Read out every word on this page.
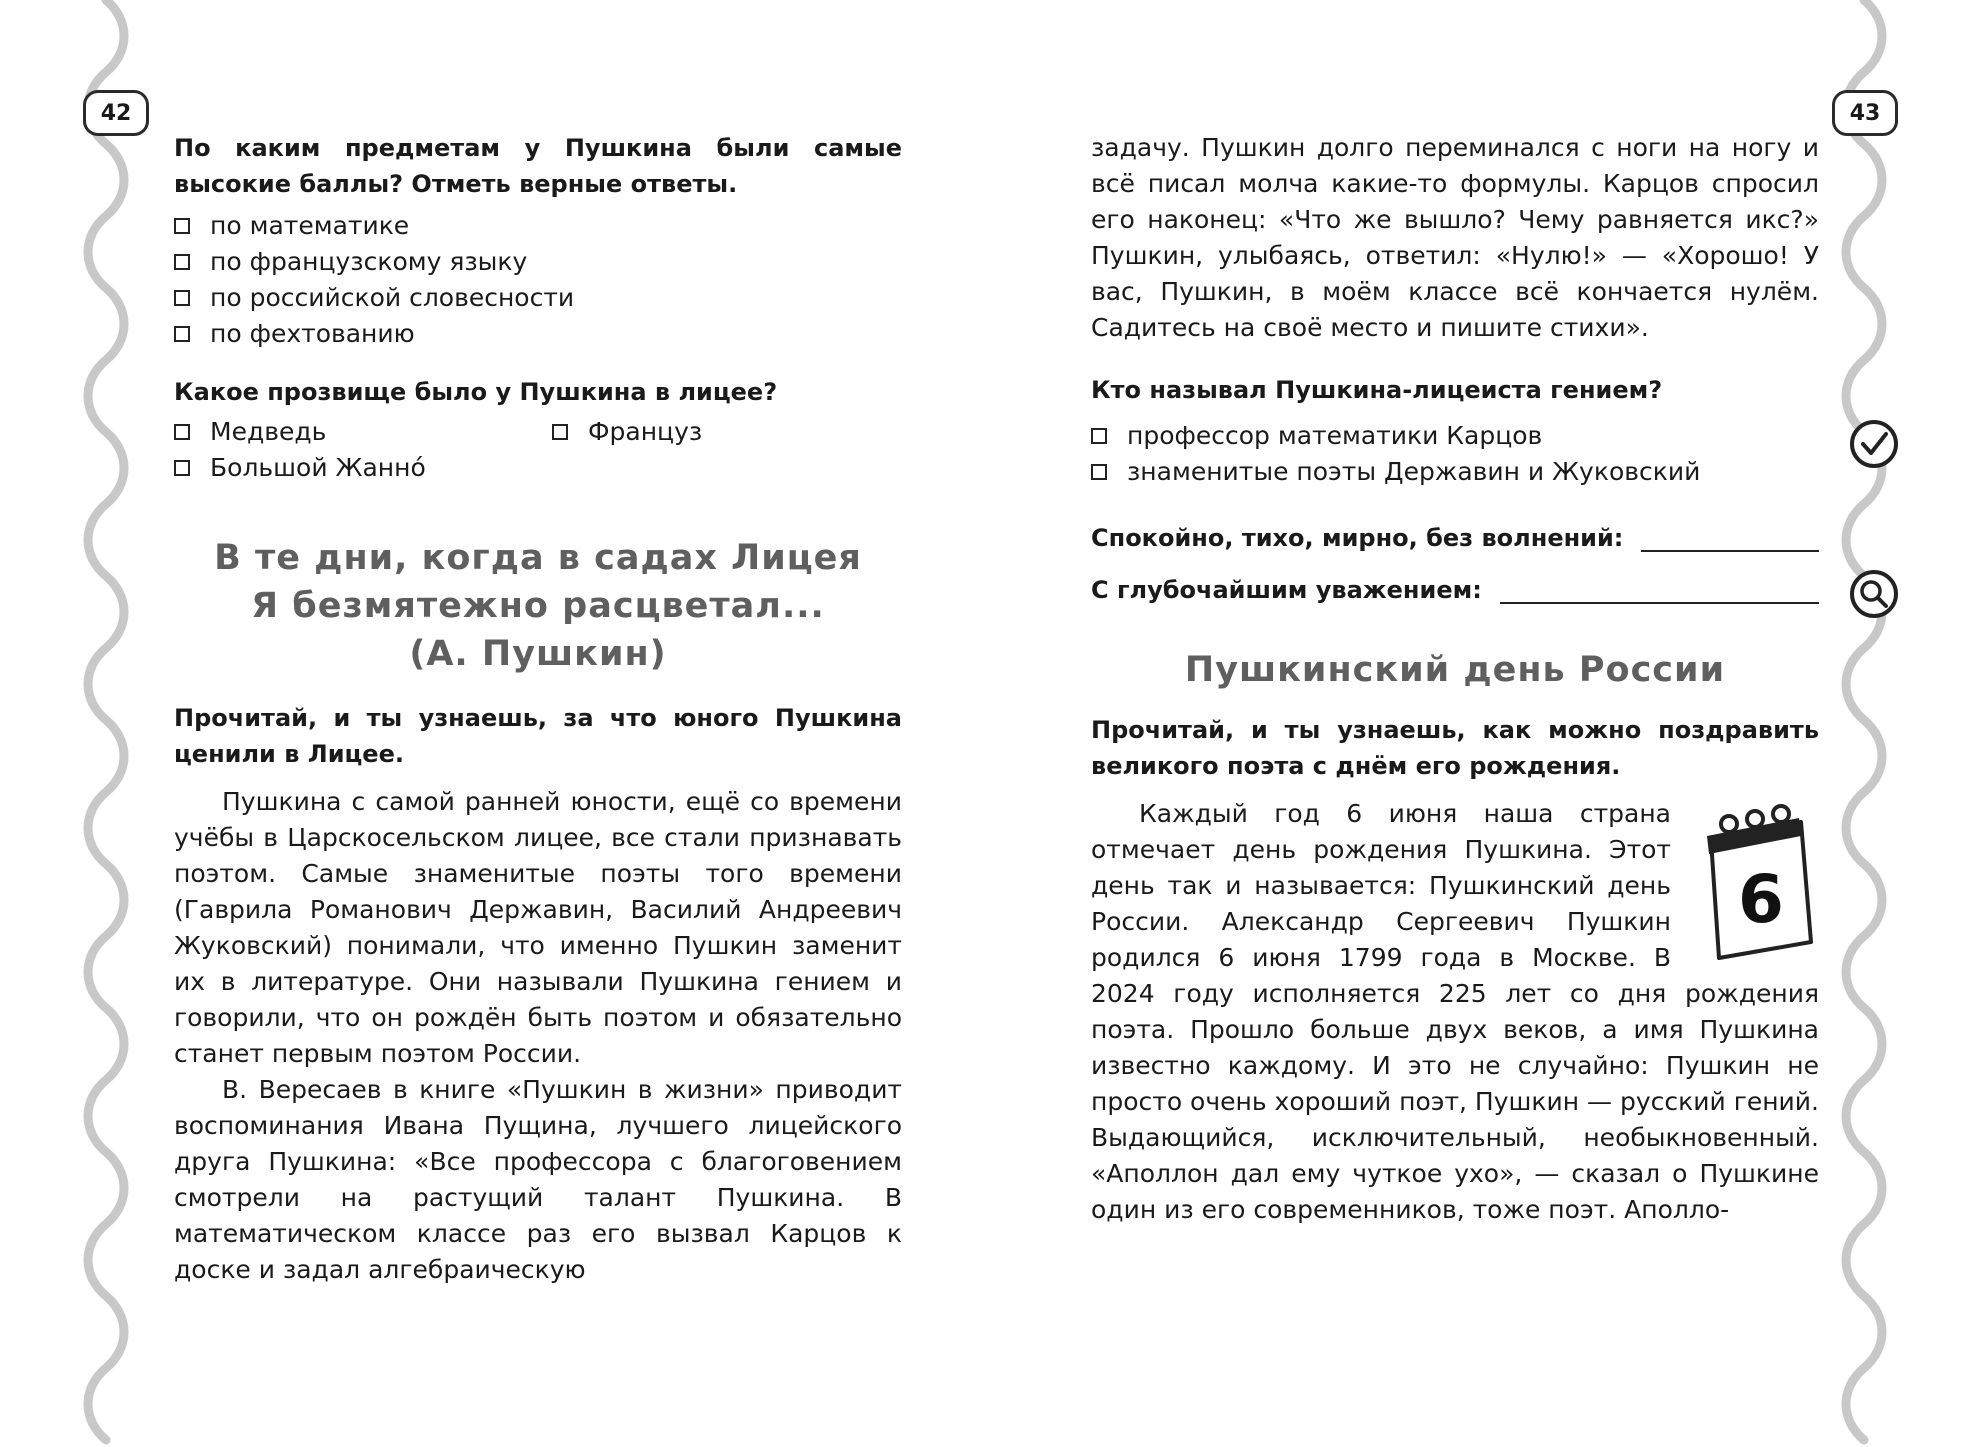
42	43

По каким предметам у Пушкина были самые высокие баллы? Отметь верные ответы.

по математике
по французскому языку
по российской словесности
по фехтованию

Какое прозвище было у Пушкина в лицее?

Медведь	Француз
Большой Жаннó

В те дни, когда в садах Лицея

Я безмятежно расцветал...

(А. Пушкин)

Прочитай, и ты узнаешь, за что юного Пушкина ценили в Лицее.

Пушкина с самой ранней юности, ещё со времени учёбы в Царскосельском лицее, все стали признавать поэтом. Самые знаменитые поэты того времени (Гаврила Романович Державин, Василий Андреевич Жуковский) понимали, что именно Пушкин заменит их в литературе. Они называли Пушкина гением и говорили, что он рождён быть поэтом и обязательно станет первым поэтом России.

В. Вересаев в книге «Пушкин в жизни» приводит воспоминания Ивана Пущина, лучшего лицейского друга Пушкина: «Все профессора с благоговением смотрели на растущий талант Пушкина. В математическом классе раз его вызвал Карцов к доске и задал алгебраическую

задачу. Пушкин долго переминался с ноги на ногу и всё писал молча какие-то формулы. Карцов спросил его наконец: «Что же вышло? Чему равняется икс?» Пушкин, улыбаясь, ответил: «Нулю!» — «Хорошо! У вас, Пушкин, в моём классе всё кончается нулём. Садитесь на своё место и пишите стихи».

Кто называл Пушкина-лицеиста гением?

профессор математики Карцов
знаменитые поэты Державин и Жуковский
Спокойно, тихо, мирно, без волнений:
С глубочайшим уважением:

Пушкинский день России

Прочитай, и ты узнаешь, как можно поздравить великого поэта с днём его рождения.

6

Каждый год 6 июня наша страна отмечает день рождения Пушкина. Этот день так и называется: Пушкинский день России. Александр Сергеевич Пушкин родился 6 июня 1799 года в Москве. В 2024 году исполняется 225 лет со дня рождения поэта. Прошло больше двух веков, а имя Пушкина известно каждому. И это не случайно: Пушкин не просто очень хороший поэт, Пушкин — русский гений. Выдающийся, исключительный, необыкновенный. «Аполлон дал ему чуткое ухо», — сказал о Пушкине один из его современников, тоже поэт. Аполло-
